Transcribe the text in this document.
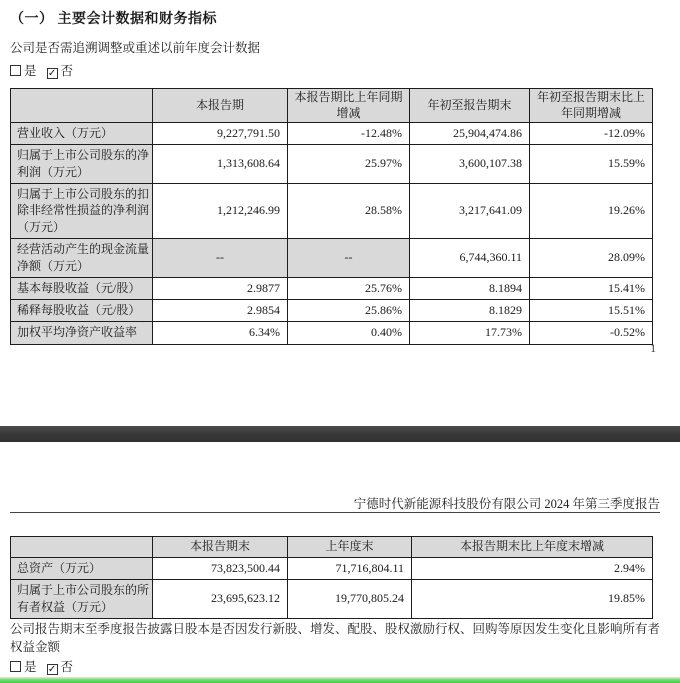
（一） 主要会计数据和财务指标
公司是否需追溯调整或重述以前年度会计数据
是 ✓ 否
	本报告期	本报告期比上年同期增减	年初至报告期末	年初至报告期末比上年同期增减
营业收入（万元）	9,227,791.50	-12.48%	25,904,474.86	-12.09%
归属于上市公司股东的净利润（万元）	1,313,608.64	25.97%	3,600,107.38	15.59%
归属于上市公司股东的扣除非经常性损益的净利润（万元）	1,212,246.99	28.58%	3,217,641.09	19.26%
经营活动产生的现金流量净额（万元）	--	--	6,744,360.11	28.09%
基本每股收益（元/股）	2.9877	25.76%	8.1894	15.41%
稀释每股收益（元/股）	2.9854	25.86%	8.1829	15.51%
加权平均净资产收益率	6.34%	0.40%	17.73%	-0.52%
1
宁德时代新能源科技股份有限公司 2024 年第三季度报告
	本报告期末	上年度末	本报告期末比上年度末增减
总资产（万元）	73,823,500.44	71,716,804.11	2.94%
归属于上市公司股东的所有者权益（万元）	23,695,623.12	19,770,805.24	19.85%
公司报告期末至季度报告披露日股本是否因发行新股、增发、配股、股权激励行权、回购等原因发生变化且影响所有者权益金额
是 ✓ 否
